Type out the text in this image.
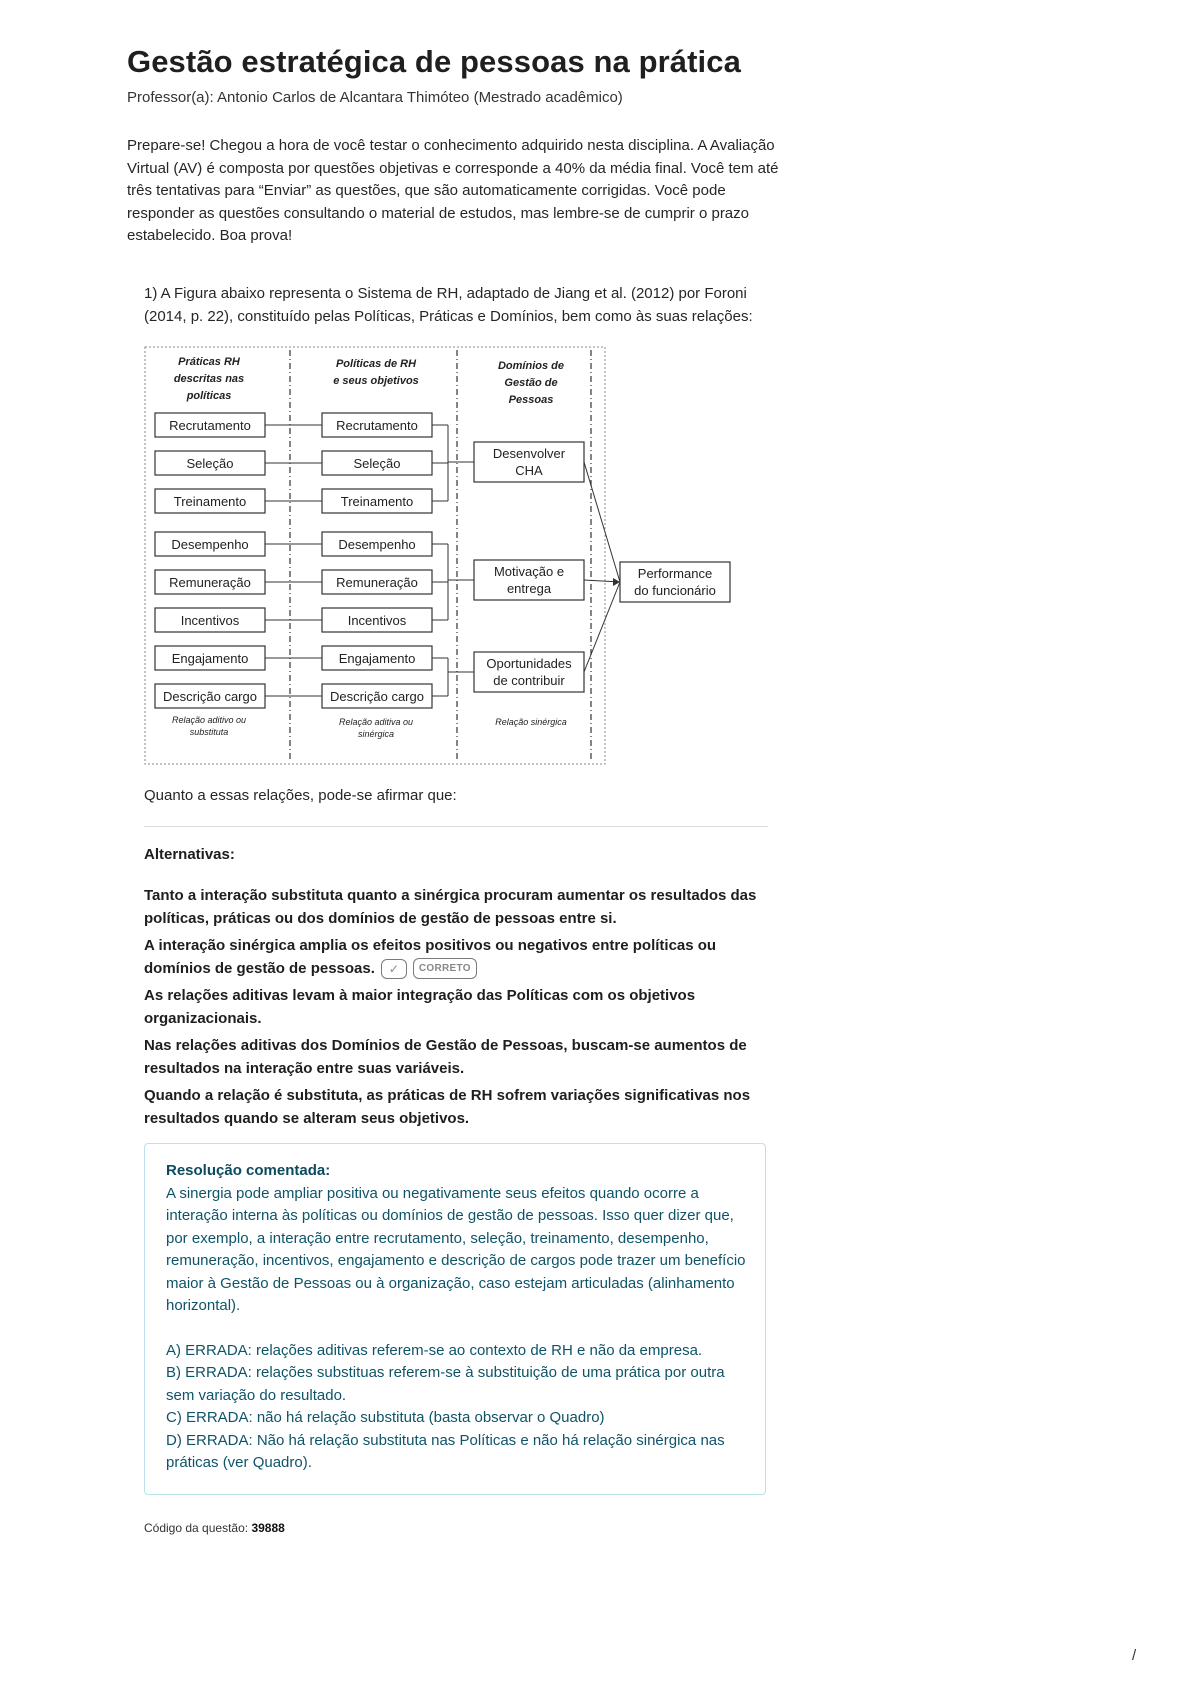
Gestão estratégica de pessoas na prática
Professor(a): Antonio Carlos de Alcantara Thimóteo (Mestrado acadêmico)
Prepare-se! Chegou a hora de você testar o conhecimento adquirido nesta disciplina. A Avaliação Virtual (AV) é composta por questões objetivas e corresponde a 40% da média final. Você tem até três tentativas para “Enviar” as questões, que são automaticamente corrigidas. Você pode responder as questões consultando o material de estudos, mas lembre-se de cumprir o prazo estabelecido. Boa prova!
1) A Figura abaixo representa o Sistema de RH, adaptado de Jiang et al. (2012) por Foroni (2014, p. 22), constituído pelas Políticas, Práticas e Domínios, bem como às suas relações:
Práticas RH
descritas nas
políticas
Políticas de RH
e seus objetivos
Domínios de
Gestão de
Pessoas
Recrutamento
Seleção
Treinamento
Desempenho
Remuneração
Incentivos
Engajamento
Descrição cargo
Recrutamento
Seleção
Treinamento
Desempenho
Remuneração
Incentivos
Engajamento
Descrição cargo
Desenvolver
CHA
Motivação e
entrega
Oportunidades
de contribuir
Performance
do funcionário
Relação aditivo ou
substituta
Relação aditiva ou
sinérgica
Relação sinérgica
Quanto a essas relações, pode-se afirmar que:
Alternativas:
Tanto a interação substituta quanto a sinérgica procuram aumentar os resultados das políticas, práticas ou dos domínios de gestão de pessoas entre si.
A interação sinérgica amplia os efeitos positivos ou negativos entre políticas ou domínios de gestão de pessoas. ✓ CORRETO
As relações aditivas levam à maior integração das Políticas com os objetivos organizacionais.
Nas relações aditivas dos Domínios de Gestão de Pessoas, buscam-se aumentos de resultados na interação entre suas variáveis.
Quando a relação é substituta, as práticas de RH sofrem variações significativas nos resultados quando se alteram seus objetivos.
Resolução comentada:
A sinergia pode ampliar positiva ou negativamente seus efeitos quando ocorre a interação interna às políticas ou domínios de gestão de pessoas. Isso quer dizer que, por exemplo, a interação entre recrutamento, seleção, treinamento, desempenho, remuneração, incentivos, engajamento e descrição de cargos pode trazer um benefício maior à Gestão de Pessoas ou à organização, caso estejam articuladas (alinhamento horizontal).
A) ERRADA: relações aditivas referem-se ao contexto de RH e não da empresa.
B) ERRADA: relações substituas referem-se à substituição de uma prática por outra sem variação do resultado.
C) ERRADA: não há relação substituta (basta observar o Quadro)
D) ERRADA: Não há relação substituta nas Políticas e não há relação sinérgica nas práticas (ver Quadro).
Código da questão: 39888
/
